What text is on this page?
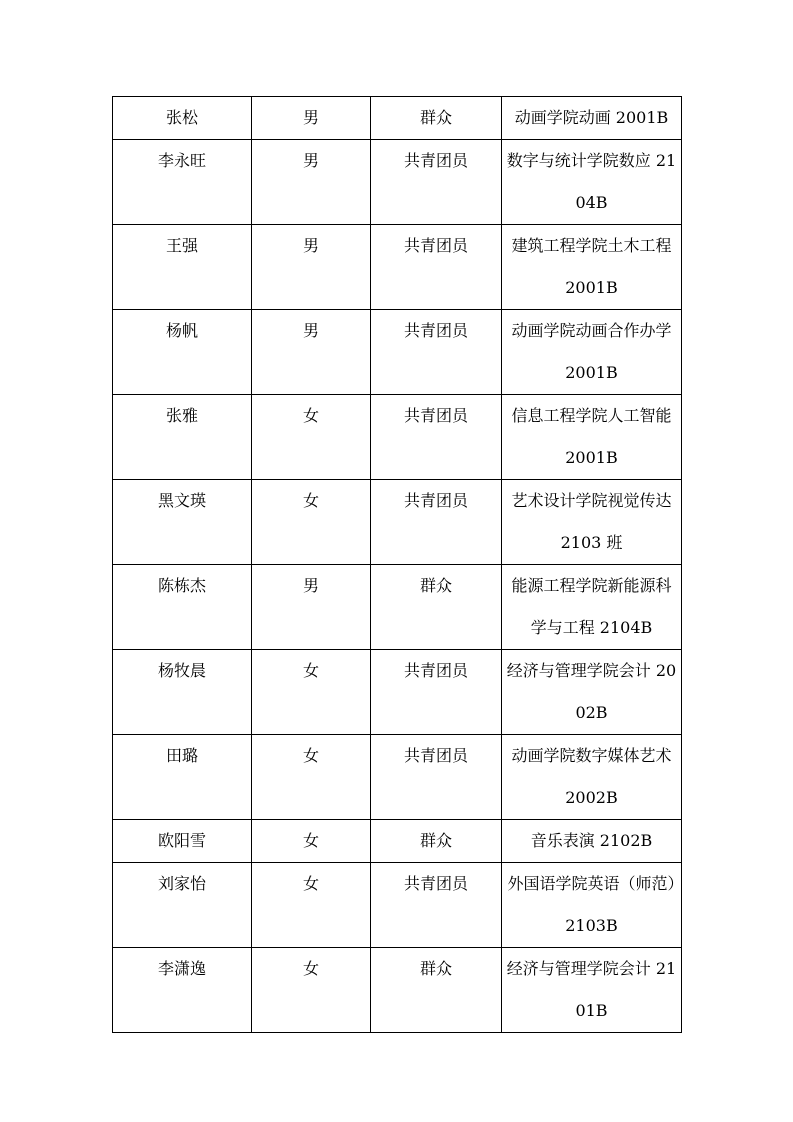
张松	男	群众	动画学院动画 2001B
李永旺	男	共青团员	数字与统计学院数应 2104B
王强	男	共青团员	建筑工程学院土木工程 2001B
杨帆	男	共青团员	动画学院动画合作办学 2001B
张雅	女	共青团员	信息工程学院人工智能 2001B
黑文瑛	女	共青团员	艺术设计学院视觉传达 2103 班
陈栋杰	男	群众	能源工程学院新能源科学与工程 2104B
杨牧晨	女	共青团员	经济与管理学院会计 2002B
田璐	女	共青团员	动画学院数字媒体艺术 2002B
欧阳雪	女	群众	音乐表演 2102B
刘家怡	女	共青团员	外国语学院英语（师范）2103B
李潇逸	女	群众	经济与管理学院会计 2101B
